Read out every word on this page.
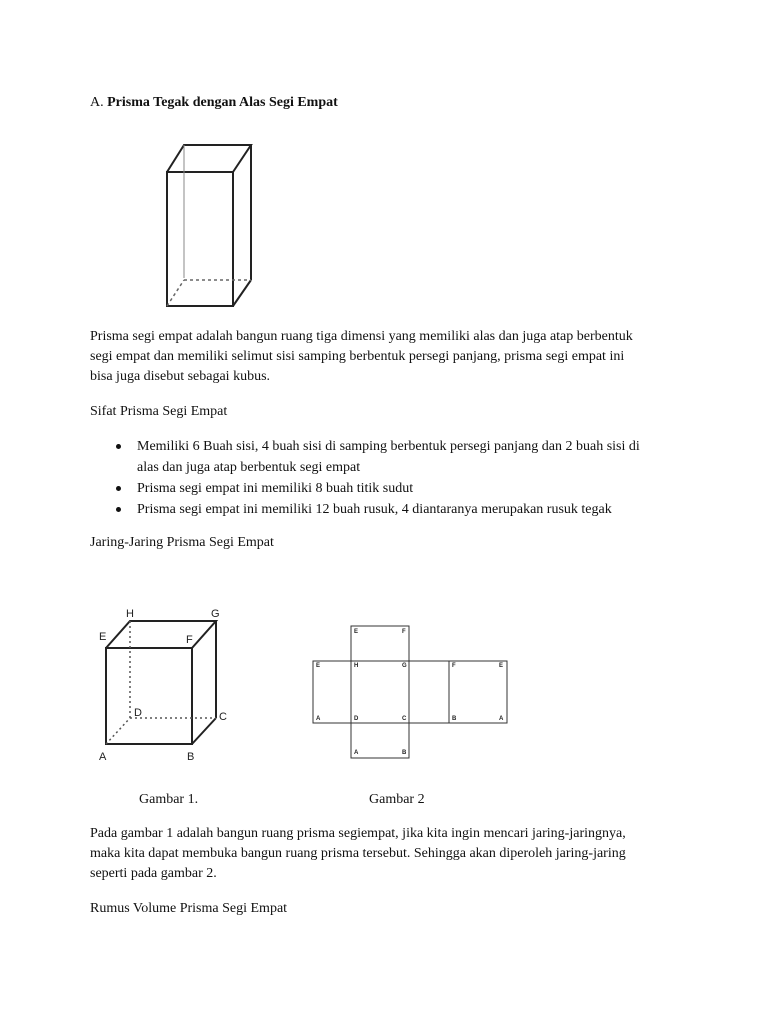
A. Prisma Tegak dengan Alas Segi Empat
Prisma segi empat adalah bangun ruang tiga dimensi yang memiliki alas dan juga atap berbentuk
segi empat dan memiliki selimut sisi samping berbentuk persegi panjang, prisma segi empat ini
bisa juga disebut sebagai kubus.
Sifat Prisma Segi Empat
Memiliki 6 Buah sisi, 4 buah sisi di samping berbentuk persegi panjang dan 2 buah sisi di
alas dan juga atap berbentuk segi empat
Prisma segi empat ini memiliki 8 buah titik sudut
Prisma segi empat ini memiliki 12 buah rusuk, 4 diantaranya merupakan rusuk tegak
Jaring-Jaring Prisma Segi Empat
A	B
C
D
E	F
G
H
E	F
E
A
H	G
D	C
F	E
B	A
A	B
Gambar 1.	Gambar 2
Pada gambar 1 adalah bangun ruang prisma segiempat, jika kita ingin mencari jaring-jaringnya,
maka kita dapat membuka bangun ruang prisma tersebut. Sehingga akan diperoleh jaring-jaring
seperti pada gambar 2.
Rumus Volume Prisma Segi Empat
